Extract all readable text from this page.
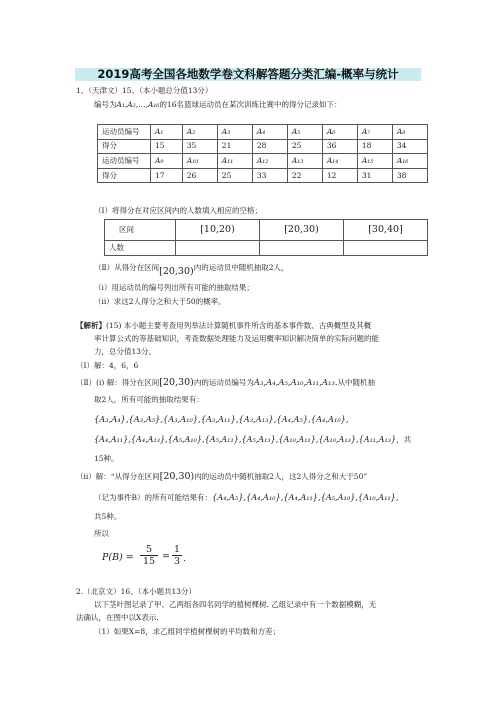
2019高考全国各地数学卷文科解答题分类汇编-概率与统计
1、（天津文）15、（本小题总分值13分）
编号为A₁,A₂,…,A₁₆的16名篮球运动员在某次训练比赛中的得分记录如下：
运动员编号	A₁	A₂	A₃	A₄	A₅	A₆	A₇	A₈
得分	15	35	21	28	25	36	18	34
运动员编号	A₉	A₁₀	A₁₁	A₁₂	A₁₃	A₁₄	A₁₅	A₁₆
得分	17	26	25	33	22	12	31	38
（Ⅰ）将得分在对应区间内的人数填入相应的空格；
区间	[10,20)	[20,30)	[30,40]
人数			
（Ⅱ）从得分在区间[20,30)内的运动员中随机抽取2人，
（i）用运动员的编号列出所有可能的抽取结果；
（ii）求这2人得分之和大于50的概率。
【解析】(15) 本小题主要考查用列举法计算随机事件所含的基本事件数、古典概型及其概
率计算公式的等基础知识，考查数据处理能力及运用概率知识解决简单的实际问题的能
力，总分值13分。
（Ⅰ）解：4，6，6
（Ⅱ）(i) 解：得分在区间[20,30)内的运动员编号为A₃,A₄,A₅,A₁₀,A₁₁,A₁₃.从中随机抽
取2人，所有可能的抽取结果有：
{A₃,A₄},{A₃,A₅},{A₃,A₁₀},{A₃,A₁₁},{A₃,A₁₃},{A₄,A₅},{A₄,A₁₀},
{A₄,A₁₁},{A₄,A₁₃},{A₅,A₁₀},{A₅,A₁₁},{A₅,A₁₃},{A₁₀,A₁₁},{A₁₀,A₁₃},{A₁₁,A₁₃}，共
15种。
（ii）解：“从得分在区间[20,30)内的运动员中随机抽取2人，这2人得分之和大于50”
（记为事件B）的所有可能结果有：{A₄,A₅},{A₄,A₁₀},{A₄,A₁₁},{A₅,A₁₀},{A₁₀,A₁₁},
共5种。
所以
$P(B) = \frac{5}{15} = \frac{1}{3}$ .
2.（北京文）16、（本小题共13分）
以下茎叶图记录了甲、乙两组各四名同学的植树棵树. 乙组记录中有一个数据模糊，无
法确认，在图中以X表示.
（1）如果X=8，求乙组同学植树棵树的平均数和方差；
